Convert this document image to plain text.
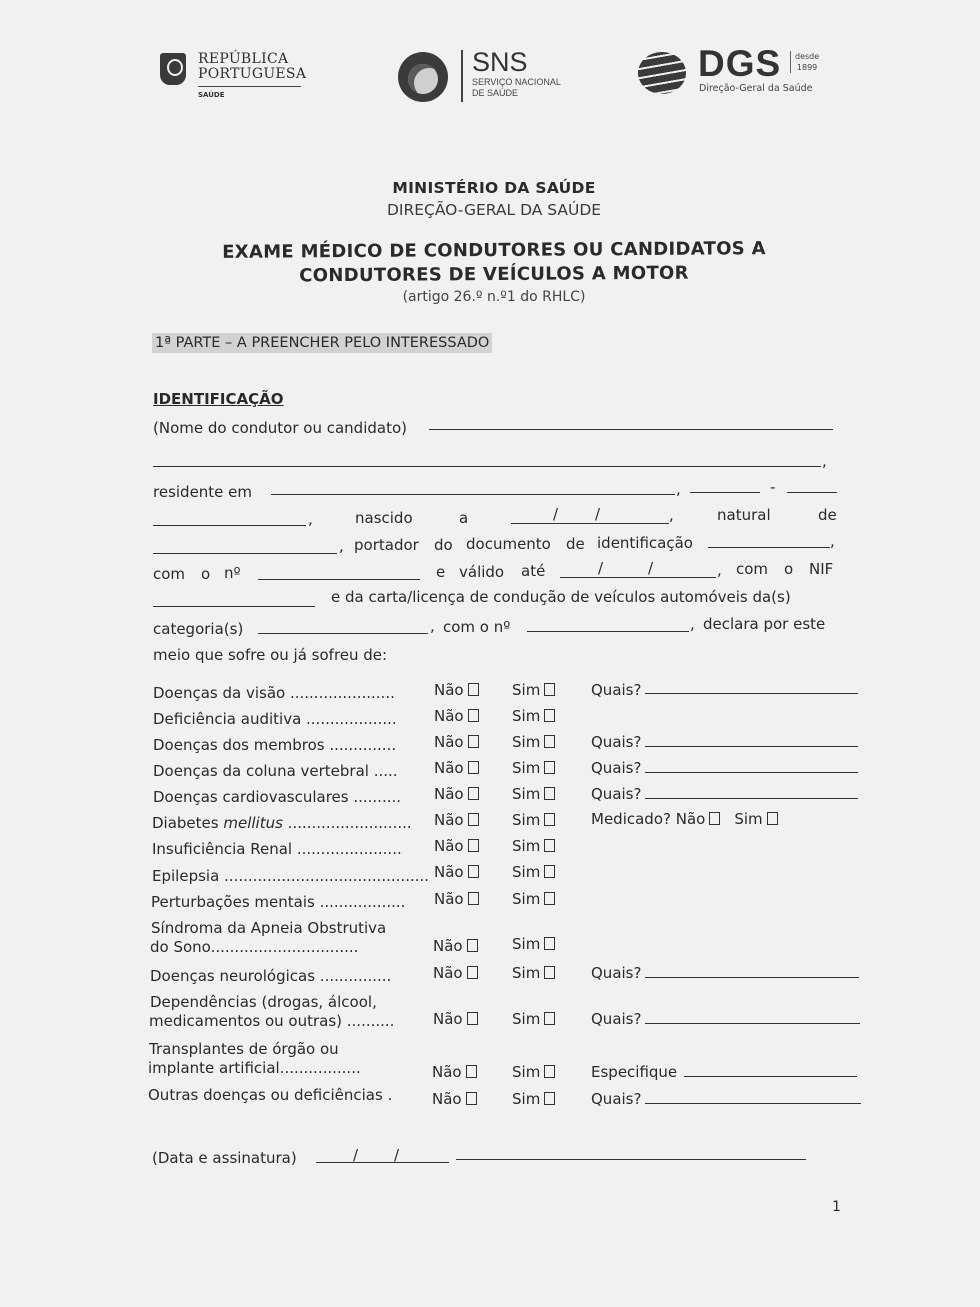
REPÚBLICA
PORTUGUESA
SAÚDE
SNS
SERVIÇO NACIONAL
DE SAÚDE
DGS desde
1899
Direção-Geral da Saúde
MINISTÉRIO DA SAÚDE
DIREÇÃO-GERAL DA SAÚDE
EXAME MÉDICO DE CONDUTORES OU CANDIDATOS A
CONDUTORES DE VEÍCULOS A MOTOR
(artigo 26.º n.º1 do RHLC)
1ª PARTE – A PREENCHER PELO INTERESSADO
IDENTIFICAÇÃO
(Nome do condutor ou candidato)
,
residente em	,	-
,	nascido	a	/ /	,	natural	de
, portador do documento de identificação	,
com o nº	e válido até	/	/	, com o NIF
e da carta/licença de condução de veículos automóveis da(s)
categoria(s)	, com o nº	, declara por este
meio que sofre ou já sofreu de:
Doenças da visão ......................	Não	Sim	Quais?
Deficiência auditiva ................... Não	Sim
Doenças dos membros ..............	Não	Sim	Quais?
Doenças da coluna vertebral ..... Não	Sim	Quais?
Doenças cardiovasculares .......... Não	Sim	Quais?
Diabetes mellitus .......................... Não	Sim	Medicado? Não Sim
Insuficiência Renal ...................... Não	Sim
Epilepsia ........................................... Não	Sim
Perturbações mentais .................. Não	Sim
Síndroma da Apneia Obstrutiva
do Sono...............................	Não	Sim
Doenças neurológicas ...............	Não	Sim	Quais?
Dependências (drogas, álcool,
medicamentos ou outras) ..........	Não	Sim	Quais?
Transplantes de órgão ou
implante artificial.................	Não	Sim	Especifique
Outras doenças ou deficiências .	Não	Sim	Quais?
(Data e assinatura)	/ /
1
